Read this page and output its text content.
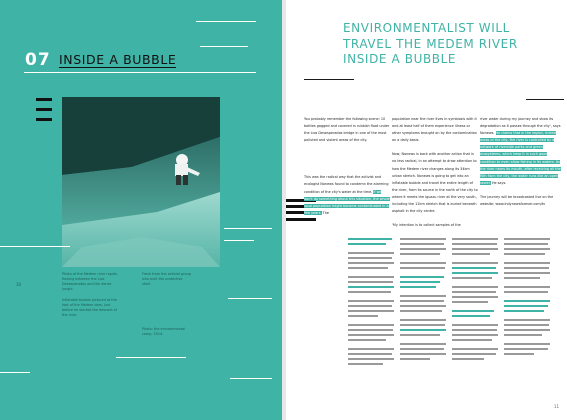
07 INSIDE A BUBBLE
Photo of the Medem river rapids, flowing between the Lios Desesperados and the dense jungle.
Inflatable bubble pictured at the foot of the Medem dam, just before he started the descent of the river.
Fresh from the activist group who built the protective shell.
Photo: the environmental camp, 2014.
10
ENVIRONMENTALIST WILL TRAVEL THE MEDEM RIVER INSIDE A BUBBLE

You probably remember the following scene: 10 bottles gagged and covered in rubbish float under the Lios Desesperados bridge in one of the most polluted and violent areas of the city.

This was the radical way that the activist and ecologist Nonews found to condemn the alarming condition of the city's water at the time. If we don't do something about this situation, the whole local population might become contaminated in a few years. The

population near the river lives in symbiosis with it and at least half of them experience illness or other symptoms brought on by the contamination on a daily basis.

Now, Nonews is back with another action that is no less radical, in an attempt to draw attention to how the Medem river changes along its 34km urban stretch. Nonews is going to get into an inflatable bubble and travel the entire length of the river, from its source in the north of the city to where it meets the Iguazu river at the very south, including the 12km stretch that is buried beneath asphalt in the city centre.

'My intention is to collect samples of the

river water during my journey and show its degradation as it passes through the city', says Nonews. He claims that in the region, richest areas of the city, the river is controlled by a network of riverside parks and green ecosystems, which keep it in such good condition to even allow fishing in its waters. As the river nears its mouth, after receiving all the filth from the city, the water runs like an open sewer. He says.

The journey will be broadcasted live on the website: www.indynewsforever.com/tv

11
